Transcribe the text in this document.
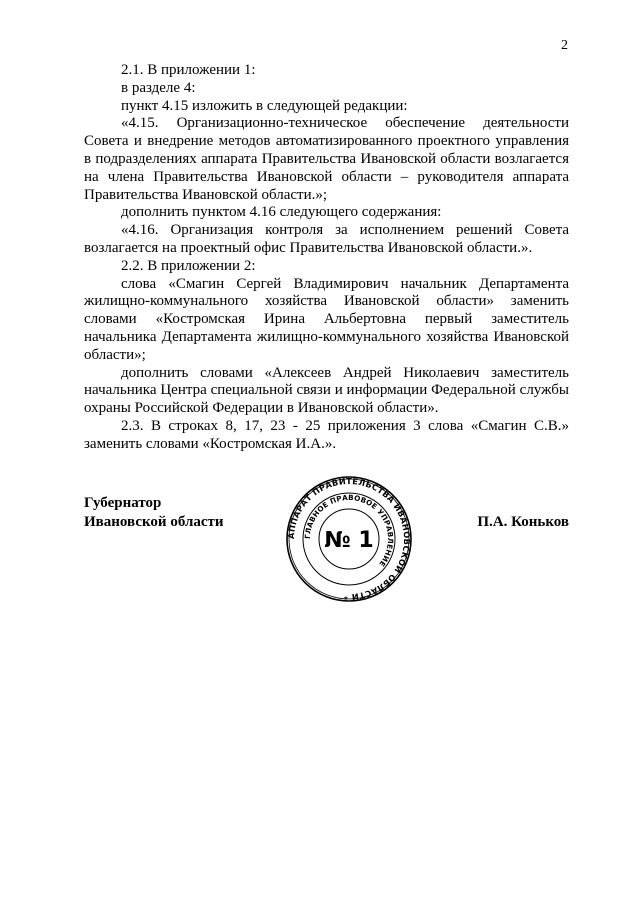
2

2.1. В приложении 1:

в разделе 4:

пункт 4.15 изложить в следующей редакции:

«4.15. Организационно-техническое обеспечение деятельности Совета и внедрение методов автоматизированного проектного управления в подразделениях аппарата Правительства Ивановской области возлагается на члена Правительства Ивановской области – руководителя аппарата Правительства Ивановской области.»;

дополнить пунктом 4.16 следующего содержания:

«4.16. Организация контроля за исполнением решений Совета возлагается на проектный офис Правительства Ивановской области.».

2.2. В приложении 2:

слова «Смагин Сергей Владимирович начальник Департамента жилищно-коммунального хозяйства Ивановской области» заменить словами «Костромская Ирина Альбертовна первый заместитель начальника Департамента жилищно-коммунального хозяйства Ивановской области»;

дополнить словами «Алексеев Андрей Николаевич заместитель начальника Центра специальной связи и информации Федеральной службы охраны Российской Федерации в Ивановской области».

2.3. В строках 8, 17, 23 - 25 приложения 3 слова «Смагин С.В.» заменить словами «Костромская И.А.».

Губернатор
Ивановской области
АППАРАТ ПРАВИТЕЛЬСТВА ИВАНОВСКОЙ ОБЛАСТИ *
ГЛАВНОЕ ПРАВОВОЕ УПРАВЛЕНИЕ
№ 1
П.А. Коньков
